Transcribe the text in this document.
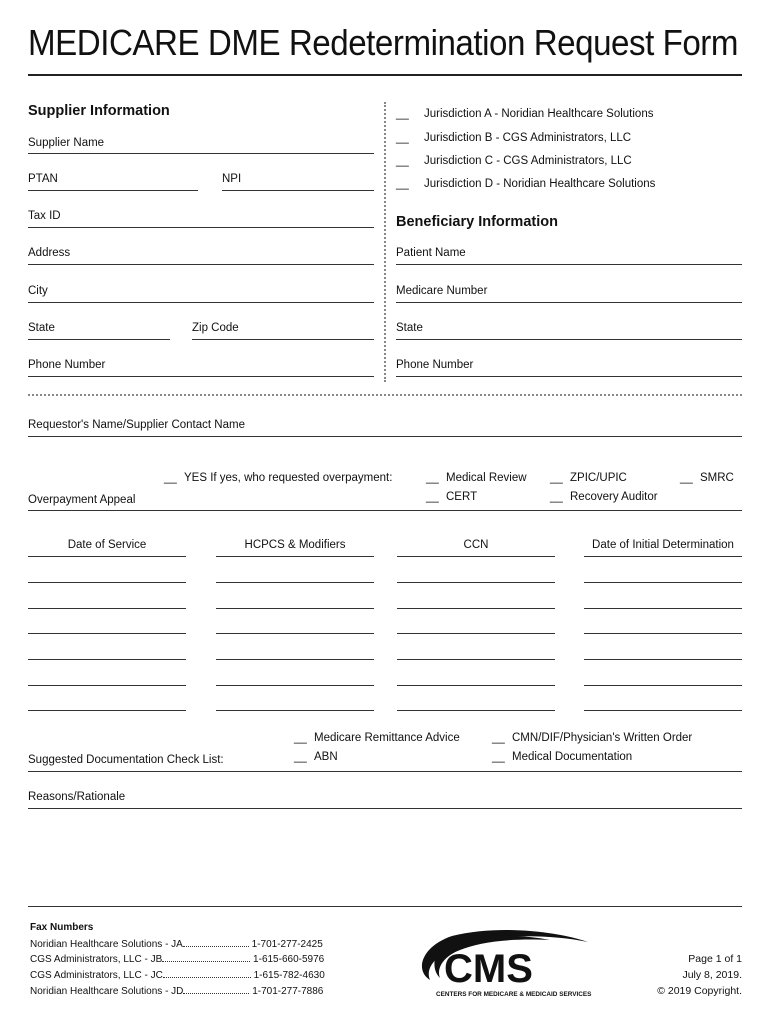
MEDICARE DME Redetermination Request Form
Supplier Information
Supplier Name
PTAN	NPI
Tax ID
Address
City
State	Zip Code
Phone Number
__ Jurisdiction A - Noridian Healthcare Solutions
__ Jurisdiction B - CGS Administrators, LLC
__ Jurisdiction C - CGS Administrators, LLC
__ Jurisdiction D - Noridian Healthcare Solutions
Beneficiary Information
Patient Name
Medicare Number
State
Phone Number
Requestor's Name/Supplier Contact Name
__ YES If yes, who requested overpayment:	__ Medical Review
__ CERT
__ ZPIC/UPIC
__ Recovery Auditor
__ SMRC
Overpayment Appeal
Date of Service	HCPCS & Modifiers	CCN	Date of Initial Determination
__ Medicare Remittance Advice
__ ABN
__ CMN/DIF/Physician's Written Order
__ Medical Documentation
Suggested Documentation Check List:
Reasons/Rationale
Fax Numbers
Noridian Healthcare Solutions - JA	1-701-277-2425
CGS Administrators, LLC - JB	1-615-660-5976
CGS Administrators, LLC - JC	1-615-782-4630
Noridian Healthcare Solutions - JD	1-701-277-7886
CMS
CENTERS FOR MEDICARE & MEDICAID SERVICES
Page 1 of 1
July 8, 2019.
© 2019 Copyright.
